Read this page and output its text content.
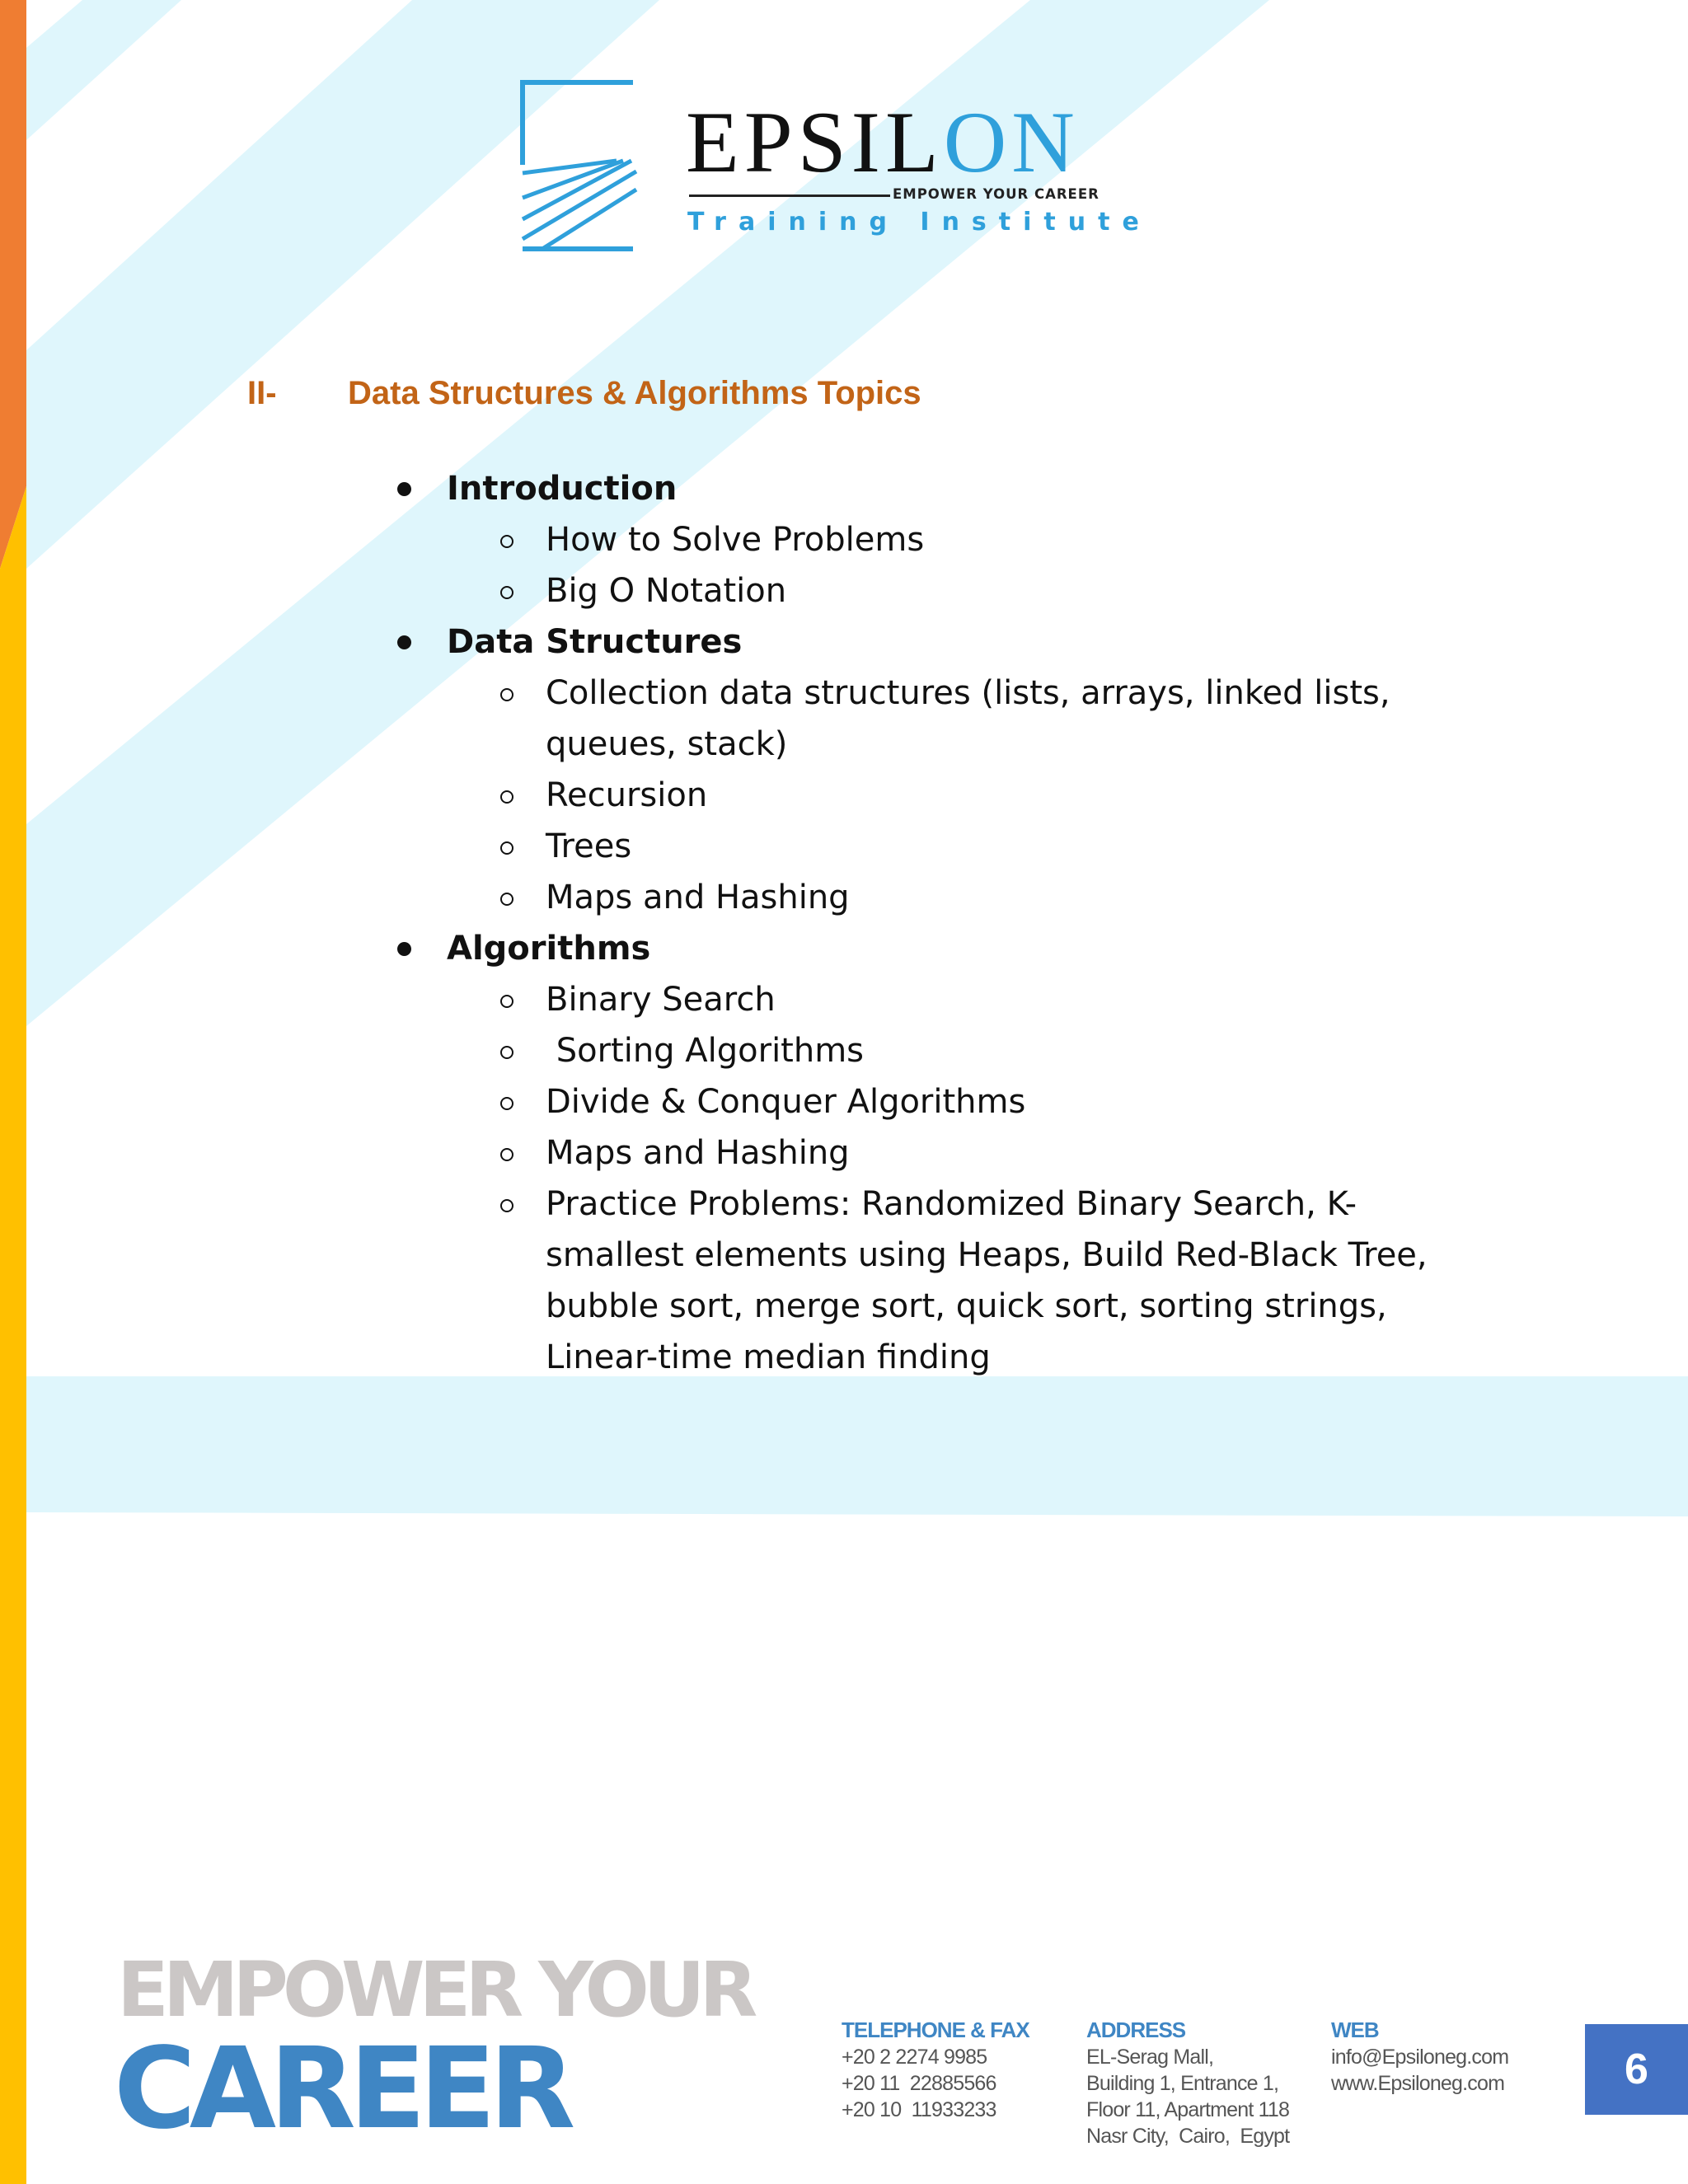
EPSILON
EMPOWER YOUR CAREER
Training Institute
II- Data Structures & Algorithms Topics
Introduction
How to Solve Problems
Big O Notation
Data Structures
Collection data structures (lists, arrays, linked lists, queues, stack)
Recursion
Trees
Maps and Hashing
Algorithms
Binary Search
Sorting Algorithms
Divide & Conquer Algorithms
Maps and Hashing
Practice Problems: Randomized Binary Search, K-smallest elements using Heaps, Build Red-Black Tree, bubble sort, merge sort, quick sort, sorting strings, Linear-time median finding
EMPOWER YOUR
CAREER	TELEPHONE & FAX
+20 2 2274 9985
+20 11  22885566
+20 10  11933233
ADDRESS
EL-Serag Mall,
Building 1, Entrance 1,
Floor 11, Apartment 118
Nasr City,  Cairo,  Egypt
WEB
info@Epsiloneg.com
www.Epsiloneg.com	6
